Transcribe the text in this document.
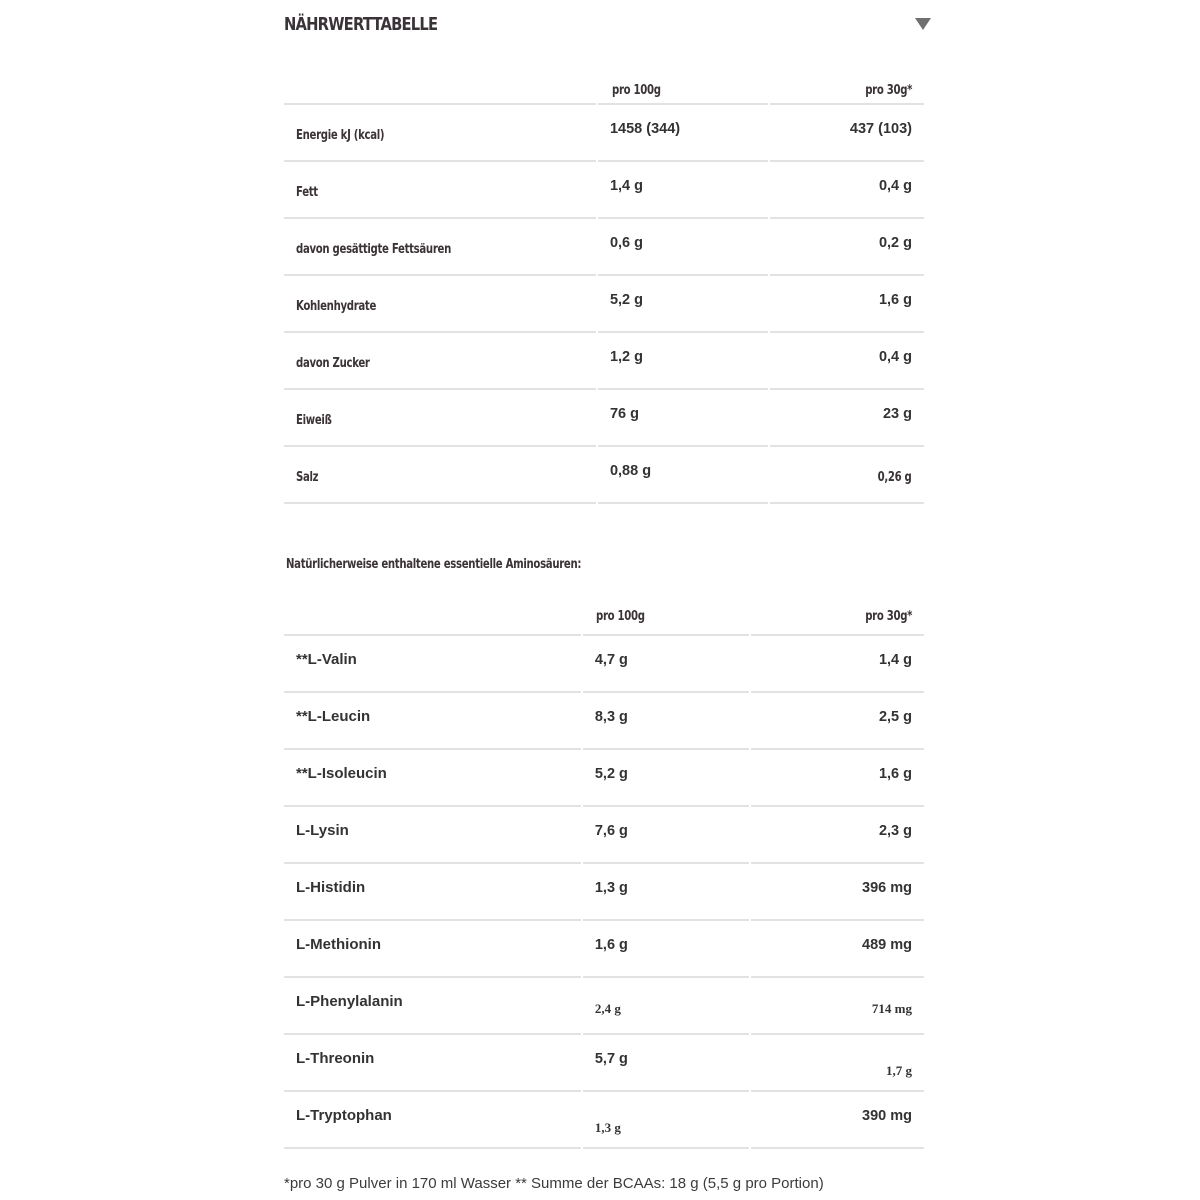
NÄHRWERTTABELLE
	pro 100g	pro 30g*
Energie kJ (kcal)	1458 (344)	437 (103)
Fett	1,4 g	0,4 g
davon gesättigte Fettsäuren	0,6 g	0,2 g
Kohlenhydrate	5,2 g	1,6 g
davon Zucker	1,2 g	0,4 g
Eiweiß	76 g	23 g
Salz	0,88 g	0,26 g
Natürlicherweise enthaltene essentielle Aminosäuren:
	pro 100g	pro 30g*
**L-Valin	4,7 g	1,4 g
**L-Leucin	8,3 g	2,5 g
**L-Isoleucin	5,2 g	1,6 g
L-Lysin	7,6 g	2,3 g
L-Histidin	1,3 g	396 mg
L-Methionin	1,6 g	489 mg
L-Phenylalanin	2,4 g	714 mg
L-Threonin	5,7 g	1,7 g
L-Tryptophan	1,3 g	390 mg
*pro 30 g Pulver in 170 ml Wasser ** Summe der BCAAs: 18 g (5,5 g pro Portion)
